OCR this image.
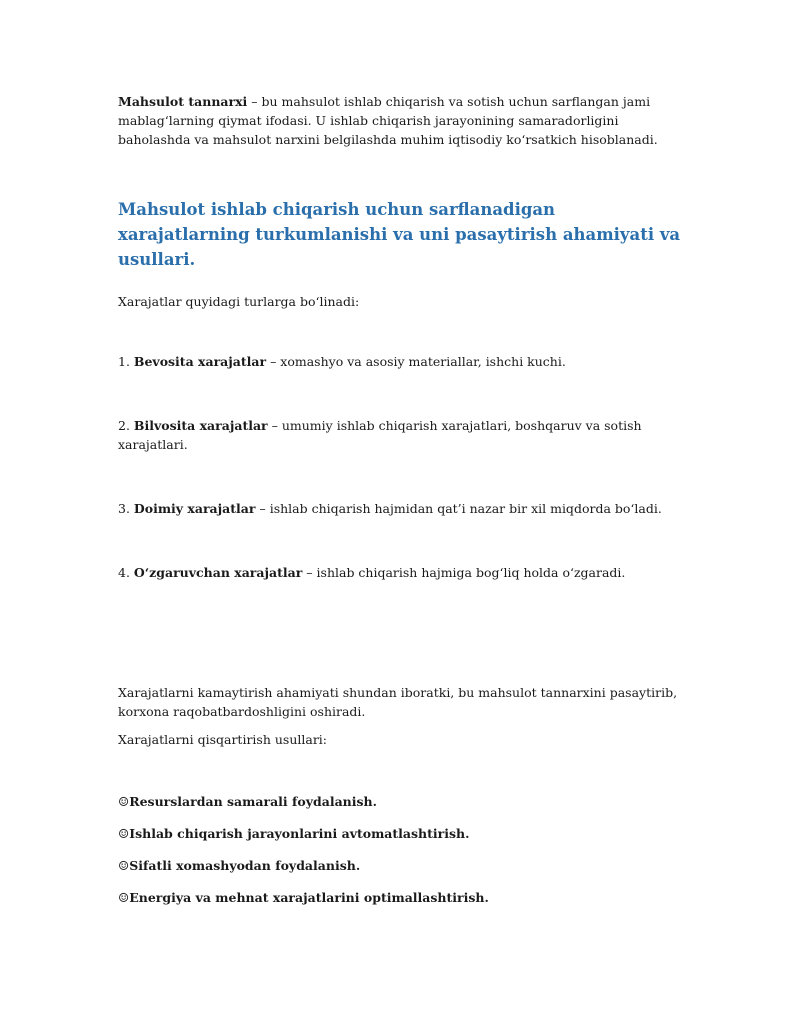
Mahsulot tannarxi – bu mahsulot ishlab chiqarish va sotish uchun sarflangan jami mablag‘larning qiymat ifodasi. U ishlab chiqarish jarayonining samaradorligini baholashda va mahsulot narxini belgilashda muhim iqtisodiy ko‘rsatkich hisoblanadi.

Mahsulot ishlab chiqarish uchun sarflanadigan xarajatlarning turkumlanishi va uni pasaytirish ahamiyati va usullari.

Xarajatlar quyidagi turlarga bo‘linadi:

1. Bevosita xarajatlar – xomashyo va asosiy materiallar, ishchi kuchi.

2. Bilvosita xarajatlar – umumiy ishlab chiqarish xarajatlari, boshqaruv va sotish xarajatlari.

3. Doimiy xarajatlar – ishlab chiqarish hajmidan qat’i nazar bir xil miqdorda bo‘ladi.

4. O‘zgaruvchan xarajatlar – ishlab chiqarish hajmiga bog‘liq holda o‘zgaradi.

Xarajatlarni kamaytirish ahamiyati shundan iboratki, bu mahsulot tannarxini pasaytirib, korxona raqobatbardoshligini oshiradi.

Xarajatlarni qisqartirish usullari:

☺Resurslardan samarali foydalanish.

☺Ishlab chiqarish jarayonlarini avtomatlashtirish.

☺Sifatli xomashyodan foydalanish.

☺Energiya va mehnat xarajatlarini optimallashtirish.
